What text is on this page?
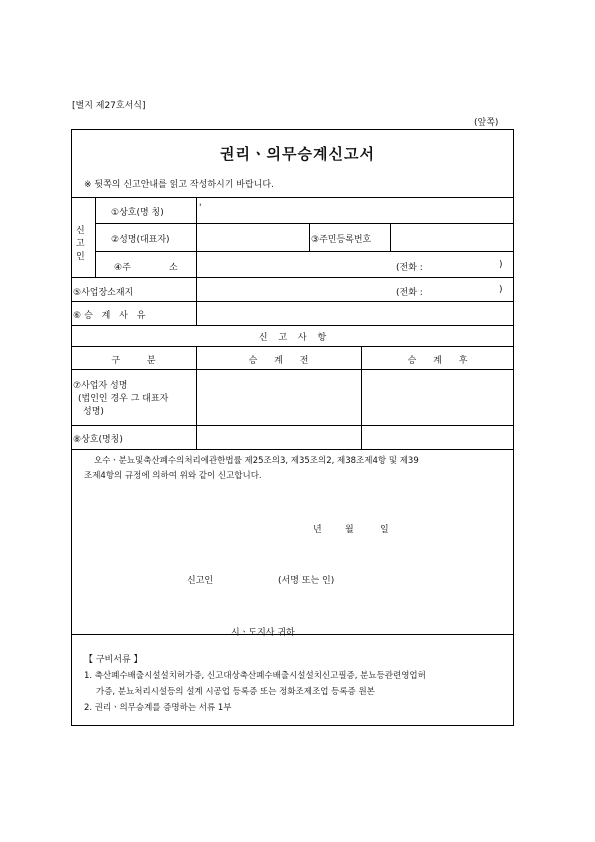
[별지 제27호서식]
(앞쪽)
권리ㆍ의무승계신고서
※ 뒷쪽의 신고안내를 읽고 작성하시기 바랍니다.
신
고
인
①상호(명 칭)	'
②성명(대표자)	③주민등록번호
④주	소	(전화 :	)
⑤사업장소재지	(전화 :	)
⑥승 계 사 유
신 고 사 항
구 분	승 계 전	승 계 후
⑦사업자 성명
(법인인 경우 그 대표자
성명)
⑧상호(명칭)
오수ㆍ분뇨및축산폐수의처리에관한법률 제25조의3, 제35조의2, 제38조제4항 및 제39
조제4항의 규정에 의하여 위와 같이 신고합니다.
년	월	일
신고인	(서명 또는 인)
시ㆍ도지사 귀하
【 구비서류 】
1. 축산폐수배출시설설치허가증, 신고대상축산폐수배출시설설치신고필증, 분뇨등관련영업허
가증, 분뇨처리시설등의 설계 시공업 등록증 또는 정화조제조업 등록증 원본
2. 권리ㆍ의무승계를 증명하는 서류 1부
